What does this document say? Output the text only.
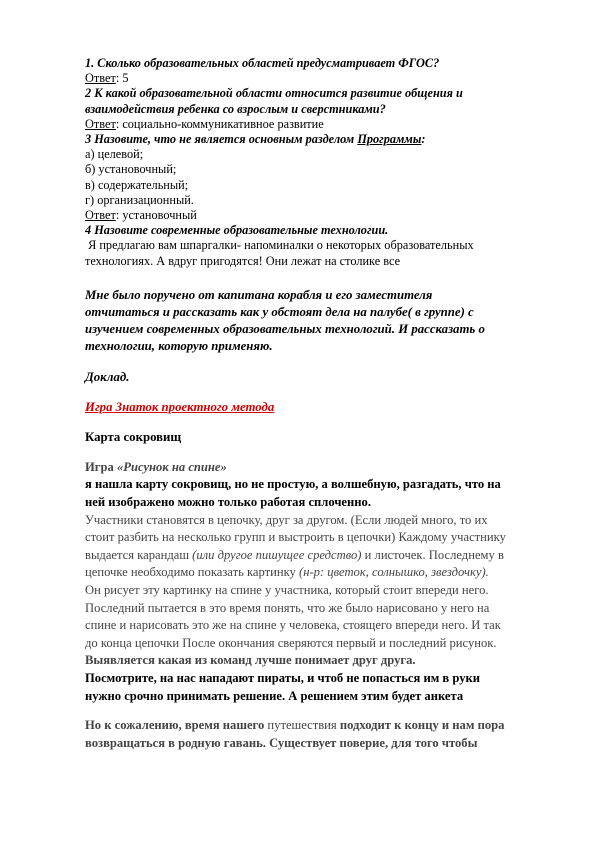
1. Сколько образовательных областей предусматривает ФГОС?
Ответ: 5
2 К какой образовательной области относится развитие общения и
взаимодействия ребенка со взрослым и сверстниками?
Ответ: социально-коммуникативное развитие
3 Назовите, что не является основным разделом Программы:
а) целевой;
б) установочный;
в) содержательный;
г) организационный.
Ответ: установочный
4 Назовите современные образовательные технологии.
Я предлагаю вам шпаргалки- напоминалки о некоторых образовательных
технологиях. А вдруг пригодятся! Они лежат на столике все
Мне было поручено от капитана корабля и его заместителя
отчитаться и рассказать как у обстоят дела на палубе( в группе) с
изучением современных образовательных технологий. И рассказать о
технологии, которую применяю.
Доклад.
Игра Знаток проектного метода
Карта сокровищ
Игра «Рисунок на спине»
я нашла карту сокровищ, но не простую, а волшебную, разгадать, что на
ней изображено можно только работая сплоченно.
Участники становятся в цепочку, друг за другом. (Если людей много, то их
стоит разбить на несколько групп и выстроить в цепочки) Каждому участнику
выдается карандаш (или другое пишущее средство) и листочек. Последнему в
цепочке необходимо показать картинку (н-р: цветок, солнышко, звездочку).
Он рисует эту картинку на спине у участника, который стоит впереди него.
Последний пытается в это время понять, что же было нарисовано у него на
спине и нарисовать это же на спине у человека, стоящего впереди него. И так
до конца цепочки После окончания сверяются первый и последний рисунок.
Выявляется какая из команд лучше понимает друг друга.
Посмотрите, на нас нападают пираты, и чтоб не попасться им в руки
нужно срочно принимать решение. А решением этим будет анкета
Но к сожалению, время нашего путешествия подходит к концу и нам пора
возвращаться в родную гавань. Существует поверие, для того чтобы
